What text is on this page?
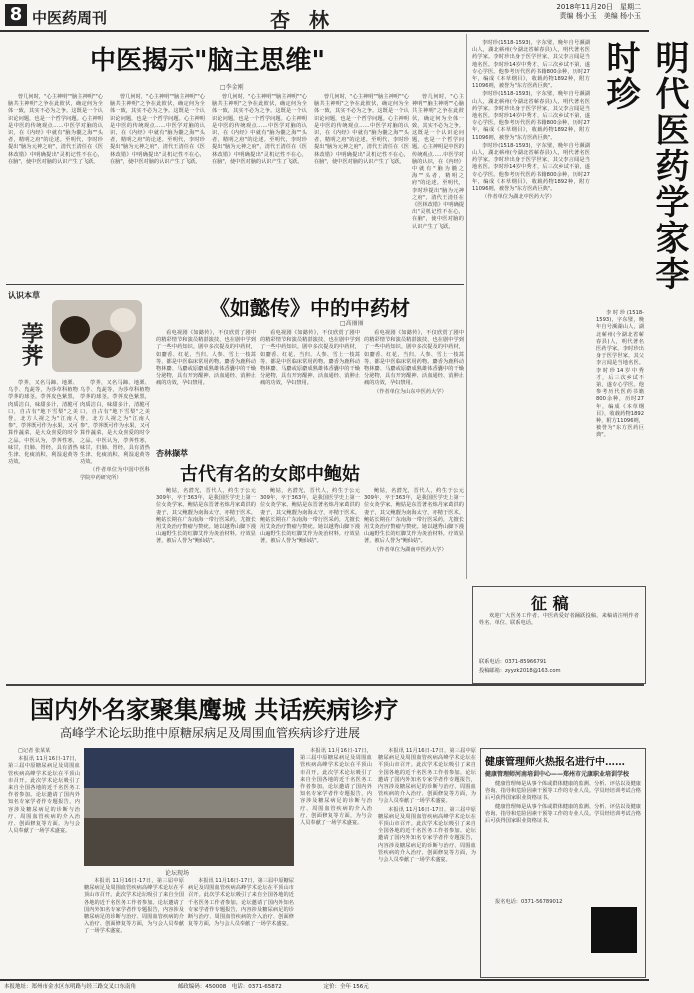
8 中医药周刊	杏 林
2018年11月20日　星期二
责编 杨小玉　美编 杨小玉
中医揭示"脑主思维"
□李金刚

曾几何时，"心主神明""脑主神明""心脑共主神明"之争在此彼伏，确定何为全体一致，其实不必为之争。这既是一个认识论问题，也是一个哲学问题。心主神明是中医的传统观点……中医学对脑的认识，在《内经》中就有"脑为髓之海""头者，精明之府"的论述。至明代，李时珍提出"脑为元神之府"，清代王清任在《医林改错》中明确提出"灵机记性不在心，在脑"，使中医对脑的认识产生了飞跃。

曾几何时，"心主神明""脑主神明""心脑共主神明"之争在此彼伏，确定何为全体一致，其实不必为之争。这既是一个认识论问题，也是一个哲学问题。心主神明是中医的传统观点……中医学对脑的认识，在《内经》中就有"脑为髓之海""头者，精明之府"的论述。至明代，李时珍提出"脑为元神之府"，清代王清任在《医林改错》中明确提出"灵机记性不在心，在脑"，使中医对脑的认识产生了飞跃。

曾几何时，"心主神明""脑主神明""心脑共主神明"之争在此彼伏，确定何为全体一致，其实不必为之争。这既是一个认识论问题，也是一个哲学问题。心主神明是中医的传统观点……中医学对脑的认识，在《内经》中就有"脑为髓之海""头者，精明之府"的论述。至明代，李时珍提出"脑为元神之府"，清代王清任在《医林改错》中明确提出"灵机记性不在心，在脑"，使中医对脑的认识产生了飞跃。

曾几何时，"心主神明""脑主神明""心脑共主神明"之争在此彼伏，确定何为全体一致，其实不必为之争。这既是一个认识论问题，也是一个哲学问题。心主神明是中医的传统观点……中医学对脑的认识，在《内经》中就有"脑为髓之海""头者，精明之府"的论述。至明代，李时珍提出"脑为元神之府"，清代王清任在《医林改错》中明确提出"灵机记性不在心，在脑"，使中医对脑的认识产生了飞跃。

曾几何时，"心主神明""脑主神明""心脑共主神明"之争在此彼伏，确定何为全体一致，其实不必为之争。这既是一个认识论问题，也是一个哲学问题。心主神明是中医的传统观点……中医学对脑的认识，在《内经》中就有"脑为髓之海""头者，精明之府"的论述。至明代，李时珍提出"脑为元神之府"，清代王清任在《医林改错》中明确提出"灵机记性不在心，在脑"，使中医对脑的认识产生了飞跃。	明代医药学家李时珍

李时珍(1518-1593)，字东璧，晚年自号濒湖山人，湖北蕲州(今湖北省蕲春县)人，明代著名医药学家。李时珍出身于医学世家，其父李言闻是当地名医。李时珍14岁中秀才，后三次乡试不第，遂专心学医。他参考历代医药书籍800余种，历时27年，编成《本草纲目》，收载药物1892种，附方11096则，被誉为"东方医药巨典"。

李时珍(1518-1593)，字东璧，晚年自号濒湖山人，湖北蕲州(今湖北省蕲春县)人，明代著名医药学家。李时珍出身于医学世家，其父李言闻是当地名医。李时珍14岁中秀才，后三次乡试不第，遂专心学医。他参考历代医药书籍800余种，历时27年，编成《本草纲目》，收载药物1892种，附方11096则，被誉为"东方医药巨典"。

李时珍(1518-1593)，字东璧，晚年自号濒湖山人，湖北蕲州(今湖北省蕲春县)人，明代著名医药学家。李时珍出身于医学世家，其父李言闻是当地名医。李时珍14岁中秀才，后三次乡试不第，遂专心学医。他参考历代医药书籍800余种，历时27年，编成《本草纲目》，收载药物1892种，附方11096则，被誉为"东方医药巨典"。

（作者单位为湖北中医药大学）

李时珍(1518-1593)，字东璧，晚年自号濒湖山人，湖北蕲州(今湖北省蕲春县)人，明代著名医药学家。李时珍出身于医学世家，其父李言闻是当地名医。李时珍14岁中秀才，后三次乡试不第，遂专心学医。他参考历代医药书籍800余种，历时27年，编成《本草纲目》，收载药物1892种，附方11096则，被誉为"东方医药巨典"。

认识本草
荸荠

荸荠，又名马蹄、地栗、乌芋、凫茈等，为莎草科植物荸荠的球茎。荸荠皮色紫黑，肉质洁白，味甜多汁，清脆可口，自古有"地下雪梨"之美誉，北方人视之为"江南人参"。荸荠既可作为水果，又可算作蔬菜，是大众喜爱的时令之品。中医认为，荸荠性寒，味甘，归肺、胃经，具有清热生津、化痰消积、利湿退黄等功效。

荸荠，又名马蹄、地栗、乌芋、凫茈等，为莎草科植物荸荠的球茎。荸荠皮色紫黑，肉质洁白，味甜多汁，清脆可口，自古有"地下雪梨"之美誉，北方人视之为"江南人参"。荸荠既可作为水果，又可算作蔬菜，是大众喜爱的时令之品。中医认为，荸荠性寒，味甘，归肺、胃经，具有清热生津、化痰消积、利湿退黄等功效。

（作者单位为中国中医科学院中药研究所）

《如懿传》中的中药材
□高丽丽

看电视剧《如懿传》，不仅欣赏了剧中的精彩情节和演员精湛演技，也在剧中学到了一些中药知识。剧中多次提及的中药材，如麝香、红花、当归、人参、雪上一枝蒿等，都是中医临床常用药物。麝香为鹿科动物林麝、马麝或原麝成熟雄体香囊中的干燥分泌物，具有开窍醒神、活血通经、消肿止痛的功效，孕妇禁用。

看电视剧《如懿传》，不仅欣赏了剧中的精彩情节和演员精湛演技，也在剧中学到了一些中药知识。剧中多次提及的中药材，如麝香、红花、当归、人参、雪上一枝蒿等，都是中医临床常用药物。麝香为鹿科动物林麝、马麝或原麝成熟雄体香囊中的干燥分泌物，具有开窍醒神、活血通经、消肿止痛的功效，孕妇禁用。

看电视剧《如懿传》，不仅欣赏了剧中的精彩情节和演员精湛演技，也在剧中学到了一些中药知识。剧中多次提及的中药材，如麝香、红花、当归、人参、雪上一枝蒿等，都是中医临床常用药物。麝香为鹿科动物林麝、马麝或原麝成熟雄体香囊中的干燥分泌物，具有开窍醒神、活血通经、消肿止痛的功效，孕妇禁用。

（作者单位为山东中医药大学）

杏林撷萃
古代有名的女郎中鲍姑

鲍姑，名潜光，晋代人，约生于公元309年，卒于363年，是我国医学史上第一位女灸学家。鲍姑是东晋著名炼丹家葛洪的妻子，其父鲍靓为南海太守，亦精于医术。鲍姑长期在广东南海一带行医采药，尤擅长用艾灸治疗赘瘤与赘疣。她以越秀山脚下漫山遍野生长的红脚艾作为灸治材料，疗效显著，被后人誉为"鲍仙姑"。

鲍姑，名潜光，晋代人，约生于公元309年，卒于363年，是我国医学史上第一位女灸学家。鲍姑是东晋著名炼丹家葛洪的妻子，其父鲍靓为南海太守，亦精于医术。鲍姑长期在广东南海一带行医采药，尤擅长用艾灸治疗赘瘤与赘疣。她以越秀山脚下漫山遍野生长的红脚艾作为灸治材料，疗效显著，被后人誉为"鲍仙姑"。

鲍姑，名潜光，晋代人，约生于公元309年，卒于363年，是我国医学史上第一位女灸学家。鲍姑是东晋著名炼丹家葛洪的妻子，其父鲍靓为南海太守，亦精于医术。鲍姑长期在广东南海一带行医采药，尤擅长用艾灸治疗赘瘤与赘疣。她以越秀山脚下漫山遍野生长的红脚艾作为灸治材料，疗效显著，被后人誉为"鲍仙姑"。

（作者单位为湖南中医药大学）

征 稿

欢迎广大医务工作者、中医药爱好者踊跃投稿。来稿请注明作者姓名、单位、联系电话。

联系电话：0371-85966791
投稿邮箱：zyyzk2018@163.com
国内外名家聚集鹰城 共话疾病诊疗
高峰学术论坛助推中原糖尿病足及周围血管疾病诊疗进展

□记者 张某某

本报讯 11月16日-17日，第三届中原糖尿病足及周围血管疾病高峰学术论坛在平顶山市召开。此次学术论坛吸引了来自全国各地的近千名医务工作者参加。论坛邀请了国内外知名专家学者作专题报告，内容涉及糖尿病足的诊断与治疗、周围血管疾病的介入治疗、创面修复等方面，为与会人员奉献了一场学术盛宴。

论坛现场

本报讯 11月16日-17日，第三届中原糖尿病足及周围血管疾病高峰学术论坛在平顶山市召开。此次学术论坛吸引了来自全国各地的近千名医务工作者参加。论坛邀请了国内外知名专家学者作专题报告，内容涉及糖尿病足的诊断与治疗、周围血管疾病的介入治疗、创面修复等方面，为与会人员奉献了一场学术盛宴。

本报讯 11月16日-17日，第三届中原糖尿病足及周围血管疾病高峰学术论坛在平顶山市召开。此次学术论坛吸引了来自全国各地的近千名医务工作者参加。论坛邀请了国内外知名专家学者作专题报告，内容涉及糖尿病足的诊断与治疗、周围血管疾病的介入治疗、创面修复等方面，为与会人员奉献了一场学术盛宴。

本报讯 11月16日-17日，第三届中原糖尿病足及周围血管疾病高峰学术论坛在平顶山市召开。此次学术论坛吸引了来自全国各地的近千名医务工作者参加。论坛邀请了国内外知名专家学者作专题报告，内容涉及糖尿病足的诊断与治疗、周围血管疾病的介入治疗、创面修复等方面，为与会人员奉献了一场学术盛宴。

本报讯 11月16日-17日，第三届中原糖尿病足及周围血管疾病高峰学术论坛在平顶山市召开。此次学术论坛吸引了来自全国各地的近千名医务工作者参加。论坛邀请了国内外知名专家学者作专题报告，内容涉及糖尿病足的诊断与治疗、周围血管疾病的介入治疗、创面修复等方面，为与会人员奉献了一场学术盛宴。

本报讯 11月16日-17日，第三届中原糖尿病足及周围血管疾病高峰学术论坛在平顶山市召开。此次学术论坛吸引了来自全国各地的近千名医务工作者参加。论坛邀请了国内外知名专家学者作专题报告，内容涉及糖尿病足的诊断与治疗、周围血管疾病的介入治疗、创面修复等方面，为与会人员奉献了一场学术盛宴。

健康管理师火热报名进行中……
健康管理师河南培训中心——郑州市元康职业培训学校

健康管理师是从事个体或群体健康的监测、分析、评估以及健康咨询、指导和危险因素干预等工作的专业人员。学员经培训考试合格后可获得国家职业资格证书。

健康管理师是从事个体或群体健康的监测、分析、评估以及健康咨询、指导和危险因素干预等工作的专业人员。学员经培训考试合格后可获得国家职业资格证书。

报名电话：0371-56789012

本报地址：郑州市金水区东明路与经三路交叉口东南角	邮政编码：450008　电话：0371-65872	定价：全年 156元
